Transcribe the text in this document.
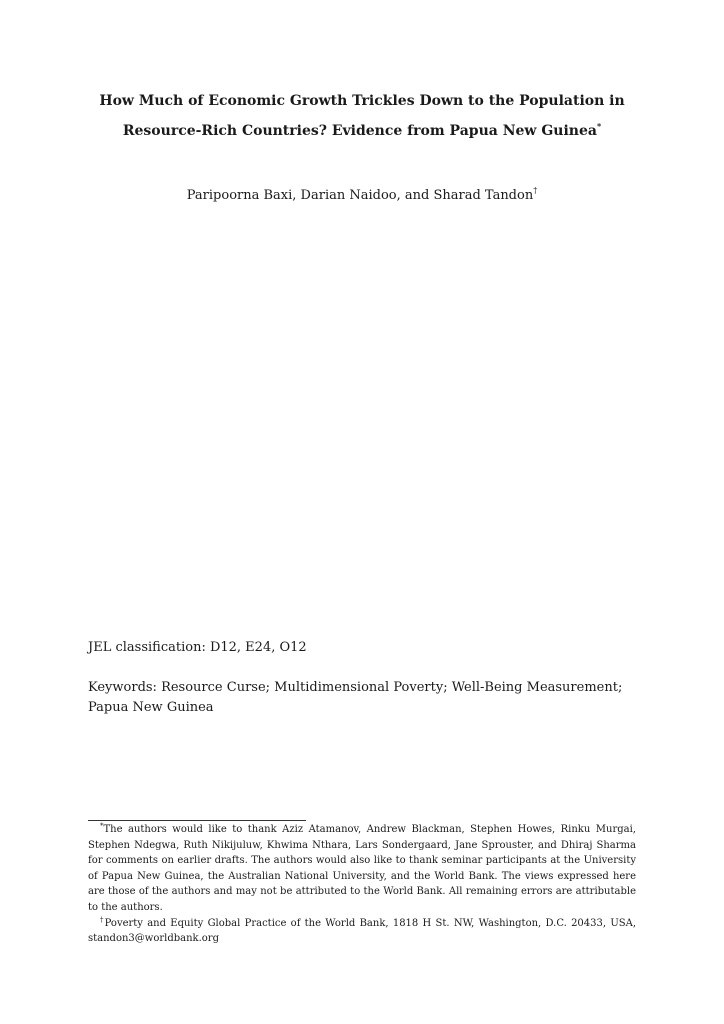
How Much of Economic Growth Trickles Down to the Population in
Resource-Rich Countries? Evidence from Papua New Guinea*
Paripoorna Baxi, Darian Naidoo, and Sharad Tandon†
JEL classification: D12, E24, O12
Keywords: Resource Curse; Multidimensional Poverty; Well-Being Measurement; Papua New Guinea

*The authors would like to thank Aziz Atamanov, Andrew Blackman, Stephen Howes, Rinku Murgai, Stephen Ndegwa, Ruth Nikijuluw, Khwima Nthara, Lars Sondergaard, Jane Sprouster, and Dhiraj Sharma for comments on earlier drafts. The authors would also like to thank seminar participants at the University of Papua New Guinea, the Australian National University, and the World Bank. The views expressed here are those of the authors and may not be attributed to the World Bank. All remaining errors are attributable to the authors.

†Poverty and Equity Global Practice of the World Bank, 1818 H St. NW, Washington, D.C. 20433, USA, standon3@worldbank.org
